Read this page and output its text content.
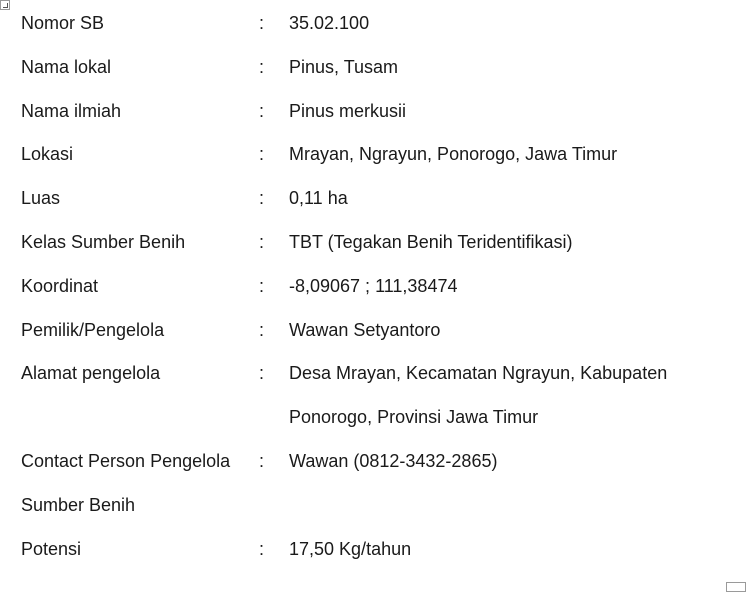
Nomor SB	:	35.02.100
Nama lokal	:	Pinus, Tusam
Nama ilmiah	:	Pinus merkusii
Lokasi	:	Mrayan, Ngrayun, Ponorogo, Jawa Timur
Luas	:	0,11 ha
Kelas Sumber Benih	:	TBT (Tegakan Benih Teridentifikasi)
Koordinat	:	-8,09067 ; 111,38474
Pemilik/Pengelola	:	Wawan Setyantoro
Alamat pengelola	:	Desa Mrayan, Kecamatan Ngrayun, Kabupaten Ponorogo, Provinsi Jawa Timur
Contact Person Pengelola	:	Wawan (0812-3432-2865)
Sumber Benih
Potensi	:	17,50 Kg/tahun
